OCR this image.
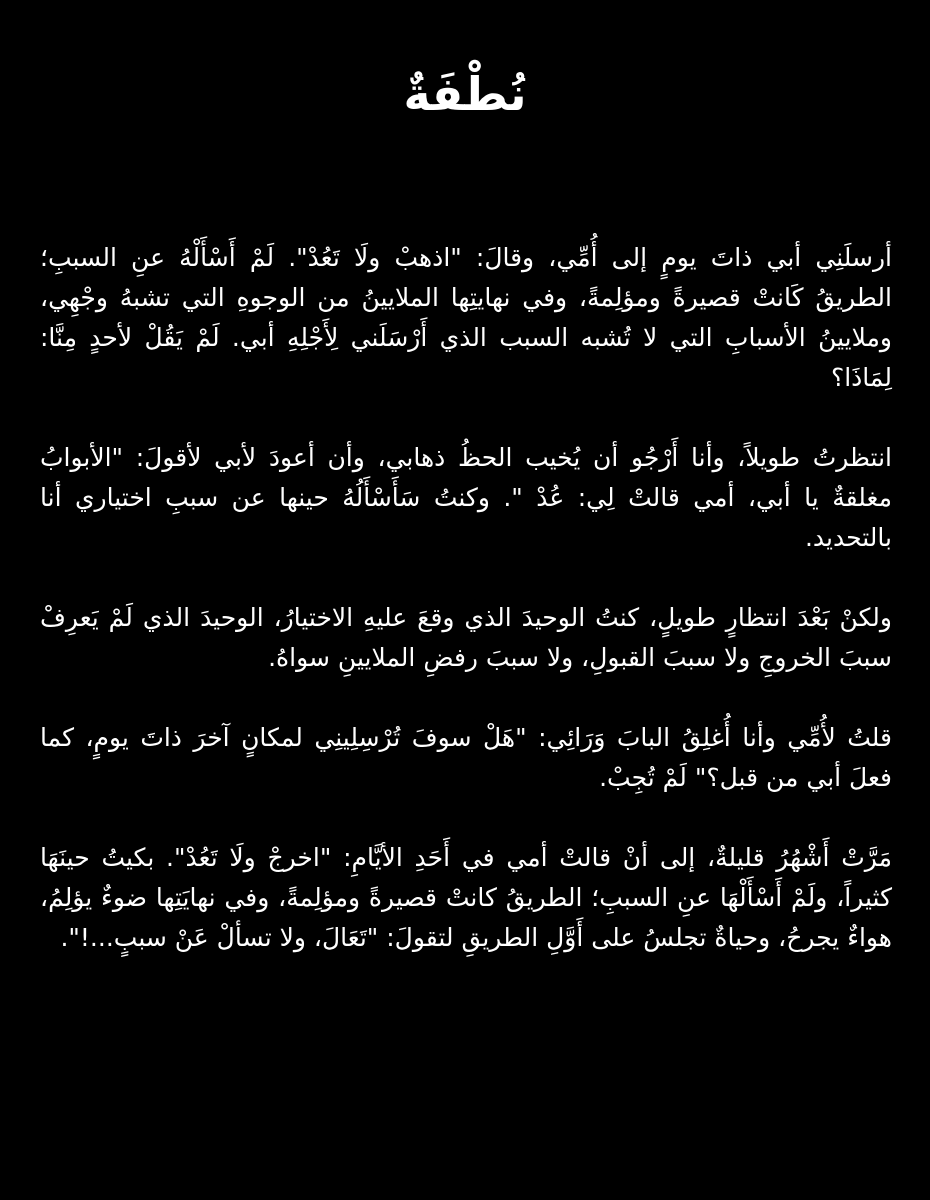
نُطْفَةٌ

أرسلَنِي أبي ذاتَ يومٍ إلى أُمِّي، وقالَ: "اذهبْ ولَا تَعُدْ". لَمْ أَسْأَلْهُ عنِ السببِ؛ الطريقُ كَانتْ قصيرةً ومؤلِمةً، وفي نهايتِها الملايينُ من الوجوهِ التي تشبهُ وجْهِي، وملايينُ الأسبابِ التي لا تُشبه السبب الذي أَرْسَلَني لِأَجْلِهِ أبي. لَمْ يَقُلْ لأحدٍ مِنَّا: لِمَاذَا؟

انتظرتُ طويلاً، وأنا أَرْجُو أن يُخيب الحظُ ذهابي، وأن أعودَ لأبي لأقولَ: "الأبوابُ مغلقةٌ يا أبي، أمي قالتْ لِي: عُدْ ". وكنتُ سَأَسْأَلُهُ حينها عن سببِ اختياري أنا بالتحديد.

ولكنْ بَعْدَ انتظارٍ طويلٍ، كنتُ الوحيدَ الذي وقعَ عليهِ الاختيارُ، الوحيدَ الذي لَمْ يَعرِفْ سببَ الخروجِ ولا سببَ القبولِ، ولا سببَ رفضِ الملايينِ سواهُ.

قلتُ لأُمِّي وأنا أُغلِقُ البابَ وَرَائِي: "هَلْ سوفَ تُرْسِلِينِي لمكانٍ آخرَ ذاتَ يومٍ، كما فعلَ أبي من قبل؟" لَمْ تُجِبْ.

مَرَّتْ أَشْهُرُ قليلةٌ، إلى أنْ قالتْ أمي في أَحَدِ الأيَّامِ: "اخرجْ ولَا تَعُدْ". بكيتُ حينَهَا كثيراً، ولَمْ أَسْأَلْهَا عنِ السببِ؛ الطريقُ كانتْ قصيرةً ومؤلِمةً، وفي نهايَتِها ضوءٌ يؤلِمُ، هواءٌ يجرحُ، وحياةٌ تجلسُ على أَوَّلِ الطريقِ لتقولَ: "تَعَالَ، ولا تسألْ عَنْ سببٍ...!".
